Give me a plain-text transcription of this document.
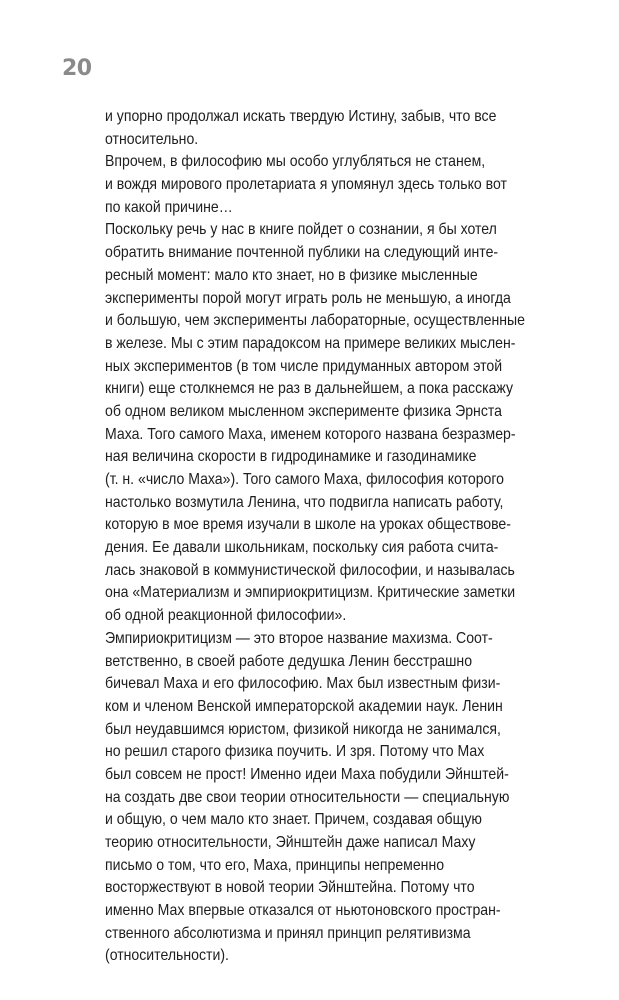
20
и упорно продолжал искать твердую Истину, забыв, что все
относительно.
Впрочем, в философию мы особо углубляться не станем,
и вождя мирового пролетариата я упомянул здесь только вот
по какой причине…
Поскольку речь у нас в книге пойдет о сознании, я бы хотел
обратить внимание почтенной публики на следующий инте-
ресный момент: мало кто знает, но в физике мысленные
эксперименты порой могут играть роль не меньшую, а иногда
и большую, чем эксперименты лабораторные, осуществленные
в железе. Мы с этим парадоксом на примере великих мыслен-
ных экспериментов (в том числе придуманных автором этой
книги) еще столкнемся не раз в дальнейшем, а пока расскажу
об одном великом мысленном эксперименте физика Эрнста
Маха. Того самого Маха, именем которого названа безразмер-
ная величина скорости в гидродинамике и газодинамике
(т. н. «число Маха»). Того самого Маха, философия которого
настолько возмутила Ленина, что подвигла написать работу,
которую в мое время изучали в школе на уроках обществове-
дения. Ее давали школьникам, поскольку сия работа счита-
лась знаковой в коммунистической философии, и называлась
она «Материализм и эмпириокритицизм. Критические заметки
об одной реакционной философии».
Эмпириокритицизм — это второе название махизма. Соот-
ветственно, в своей работе дедушка Ленин бесстрашно
бичевал Маха и его философию. Мах был известным физи-
ком и членом Венской императорской академии наук. Ленин
был неудавшимся юристом, физикой никогда не занимался,
но решил старого физика поучить. И зря. Потому что Мах
был совсем не прост! Именно идеи Маха побудили Эйнштей-
на создать две свои теории относительности — специальную
и общую, о чем мало кто знает. Причем, создавая общую
теорию относительности, Эйнштейн даже написал Маху
письмо о том, что его, Маха, принципы непременно
восторжествуют в новой теории Эйнштейна. Потому что
именно Мах впервые отказался от ньютоновского простран-
ственного абсолютизма и принял принцип релятивизма
(относительности).
